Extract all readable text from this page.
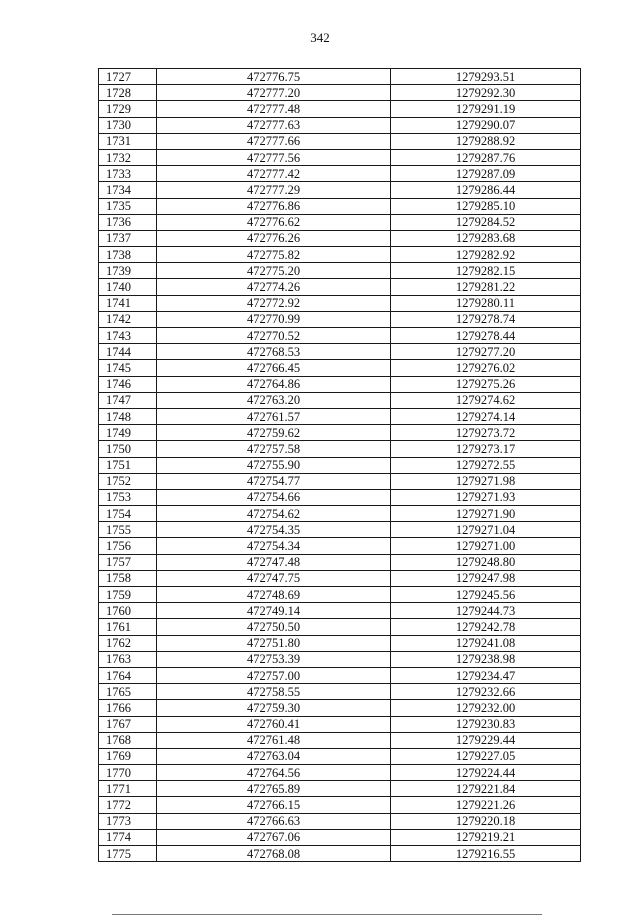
342
1727	472776.75	1279293.51
1728	472777.20	1279292.30
1729	472777.48	1279291.19
1730	472777.63	1279290.07
1731	472777.66	1279288.92
1732	472777.56	1279287.76
1733	472777.42	1279287.09
1734	472777.29	1279286.44
1735	472776.86	1279285.10
1736	472776.62	1279284.52
1737	472776.26	1279283.68
1738	472775.82	1279282.92
1739	472775.20	1279282.15
1740	472774.26	1279281.22
1741	472772.92	1279280.11
1742	472770.99	1279278.74
1743	472770.52	1279278.44
1744	472768.53	1279277.20
1745	472766.45	1279276.02
1746	472764.86	1279275.26
1747	472763.20	1279274.62
1748	472761.57	1279274.14
1749	472759.62	1279273.72
1750	472757.58	1279273.17
1751	472755.90	1279272.55
1752	472754.77	1279271.98
1753	472754.66	1279271.93
1754	472754.62	1279271.90
1755	472754.35	1279271.04
1756	472754.34	1279271.00
1757	472747.48	1279248.80
1758	472747.75	1279247.98
1759	472748.69	1279245.56
1760	472749.14	1279244.73
1761	472750.50	1279242.78
1762	472751.80	1279241.08
1763	472753.39	1279238.98
1764	472757.00	1279234.47
1765	472758.55	1279232.66
1766	472759.30	1279232.00
1767	472760.41	1279230.83
1768	472761.48	1279229.44
1769	472763.04	1279227.05
1770	472764.56	1279224.44
1771	472765.89	1279221.84
1772	472766.15	1279221.26
1773	472766.63	1279220.18
1774	472767.06	1279219.21
1775	472768.08	1279216.55
